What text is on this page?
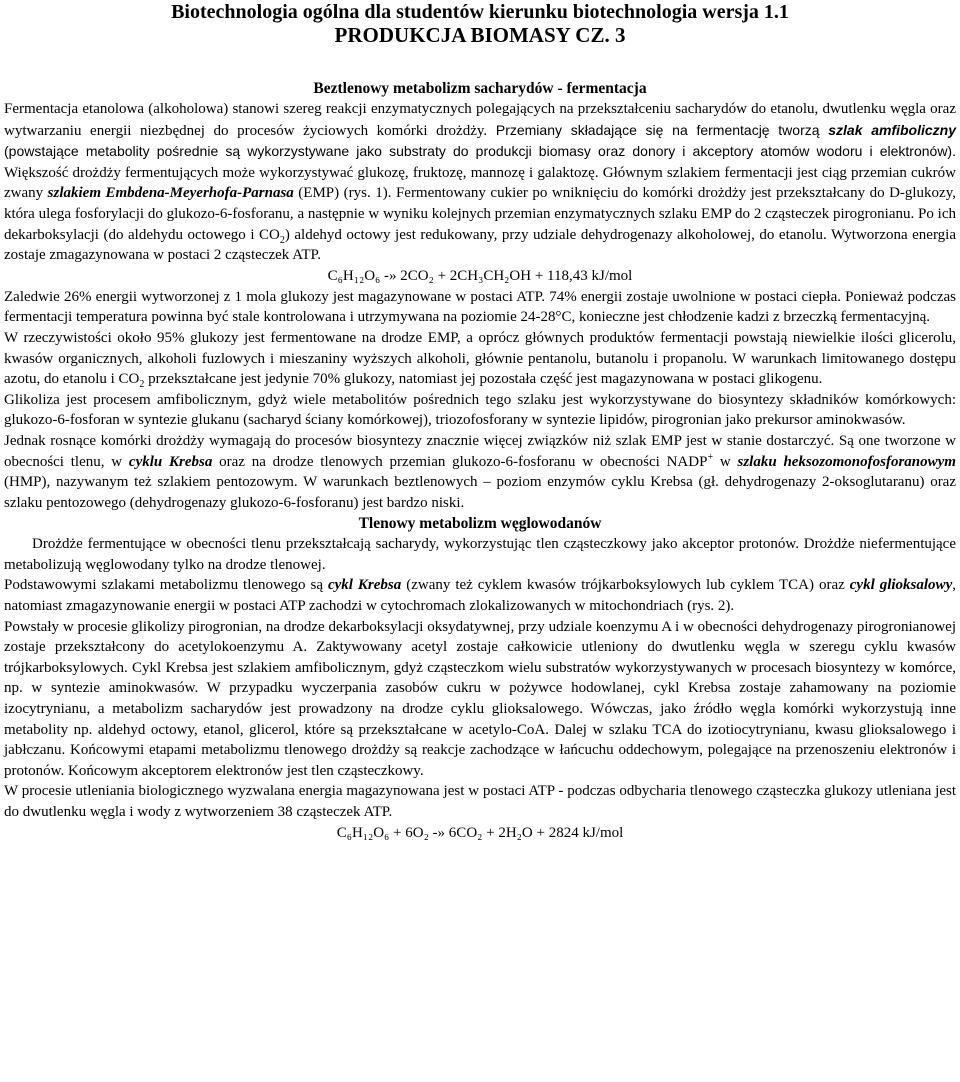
Biotechnologia ogólna dla studentów kierunku biotechnologia wersja 1.1
PRODUKCJA BIOMASY CZ. 3
Beztlenowy metabolizm sacharydów - fermentacja

Fermentacja etanolowa (alkoholowa) stanowi szereg reakcji enzymatycznych polegających na przekształceniu sacharydów do etanolu, dwutlenku węgla oraz wytwarzaniu energii niezbędnej do procesów życiowych komórki drożdży. Przemiany składające się na fermentację tworzą szlak amfiboliczny (powstające metabolity pośrednie są wykorzystywane jako substraty do produkcji biomasy oraz donory i akceptory atomów wodoru i elektronów). Większość drożdży fermentujących może wykorzystywać glukozę, fruktozę, mannozę i galaktozę. Głównym szlakiem fermentacji jest ciąg przemian cukrów zwany szlakiem Embdena-Meyerhofa-Parnasa (EMP) (rys. 1). Fermentowany cukier po wniknięciu do komórki drożdży jest przekształcany do D-glukozy, która ulega fosforylacji do glukozo-6-fosforanu, a następnie w wyniku kolejnych przemian enzymatycznych szlaku EMP do 2 cząsteczek pirogronianu. Po ich dekarboksylacji (do aldehydu octowego i $CO_2$) aldehyd octowy jest redukowany, przy udziale dehydrogenazy alkoholowej, do etanolu. Wytworzona energia zostaje zmagazynowana w postaci 2 cząsteczek ATP.

C₆H₁₂O₆ -» 2CO₂ + 2CH₃CH₂OH + 118,43 kJ/mol

Zaledwie 26% energii wytworzonej z 1 mola glukozy jest magazynowane w postaci ATP. 74% energii zostaje uwolnione w postaci ciepła. Ponieważ podczas fermentacji temperatura powinna być stale kontrolowana i utrzymywana na poziomie 24-28°C, konieczne jest chłodzenie kadzi z brzeczką fermentacyjną.

W rzeczywistości około 95% glukozy jest fermentowane na drodze EMP, a oprócz głównych produktów fermentacji powstają niewielkie ilości glicerolu, kwasów organicznych, alkoholi fuzlowych i mieszaniny wyższych alkoholi, głównie pentanolu, butanolu i propanolu. W warunkach limitowanego dostępu azotu, do etanolu i $CO_2$ przekształcane jest jedynie 70% glukozy, natomiast jej pozostała część jest magazynowana w postaci glikogenu.

Glikoliza jest procesem amfibolicznym, gdyż wiele metabolitów pośrednich tego szlaku jest wykorzystywane do biosyntezy składników komórkowych: glukozo-6-fosforan w syntezie glukanu (sacharyd ściany komórkowej), triozofosforany w syntezie lipidów, pirogronian jako prekursor aminokwasów.

Jednak rosnące komórki drożdży wymagają do procesów biosyntezy znacznie więcej związków niż szlak EMP jest w stanie dostarczyć. Są one tworzone w obecności tlenu, w cyklu Krebsa oraz na drodze tlenowych przemian glukozo-6-fosforanu w obecności NADP+ w szlaku heksozomonofosforanowym (HMP), nazywanym też szlakiem pentozowym. W warunkach beztlenowych – poziom enzymów cyklu Krebsa (gł. dehydrogenazy 2-oksoglutaranu) oraz szlaku pentozowego (dehydrogenazy glukozo-6-fosforanu) jest bardzo niski.

Tlenowy metabolizm węglowodanów

Drożdże fermentujące w obecności tlenu przekształcają sacharydy, wykorzystując tlen cząsteczkowy jako akceptor protonów. Drożdże niefermentujące metabolizują węglowodany tylko na drodze tlenowej.

Podstawowymi szlakami metabolizmu tlenowego są cykl Krebsa (zwany też cyklem kwasów trójkarboksylowych lub cyklem TCA) oraz cykl glioksalowy, natomiast zmagazynowanie energii w postaci ATP zachodzi w cytochromach zlokalizowanych w mitochondriach (rys. 2).

Powstały w procesie glikolizy pirogronian, na drodze dekarboksylacji oksydatywnej, przy udziale koenzymu A i w obecności dehydrogenazy pirogronianowej zostaje przekształcony do acetylokoenzymu A. Zaktywowany acetyl zostaje całkowicie utleniony do dwutlenku węgla w szeregu cyklu kwasów trójkarboksylowych. Cykl Krebsa jest szlakiem amfibolicznym, gdyż cząsteczkom wielu substratów wykorzystywanych w procesach biosyntezy w komórce, np. w syntezie aminokwasów. W przypadku wyczerpania zasobów cukru w pożywce hodowlanej, cykl Krebsa zostaje zahamowany na poziomie izocytrynianu, a metabolizm sacharydów jest prowadzony na drodze cyklu glioksalowego. Wówczas, jako źródło węgla komórki wykorzystują inne metabolity np. aldehyd octowy, etanol, glicerol, które są przekształcane w acetylo-CoA. Dalej w szlaku TCA do izotiocytrynianu, kwasu glioksalowego i jabłczanu. Końcowymi etapami metabolizmu tlenowego drożdży są reakcje zachodzące w łańcuchu oddechowym, polegające na przenoszeniu elektronów i protonów. Końcowym akceptorem elektronów jest tlen cząsteczkowy.

W procesie utleniania biologicznego wyzwalana energia magazynowana jest w postaci ATP - podczas odbycharia tlenowego cząsteczka glukozy utleniana jest do dwutlenku węgla i wody z wytworzeniem 38 cząsteczek ATP.

C₆H₁₂O₆ + 6O₂ -» 6CO₂ + 2H₂O + 2824 kJ/mol
